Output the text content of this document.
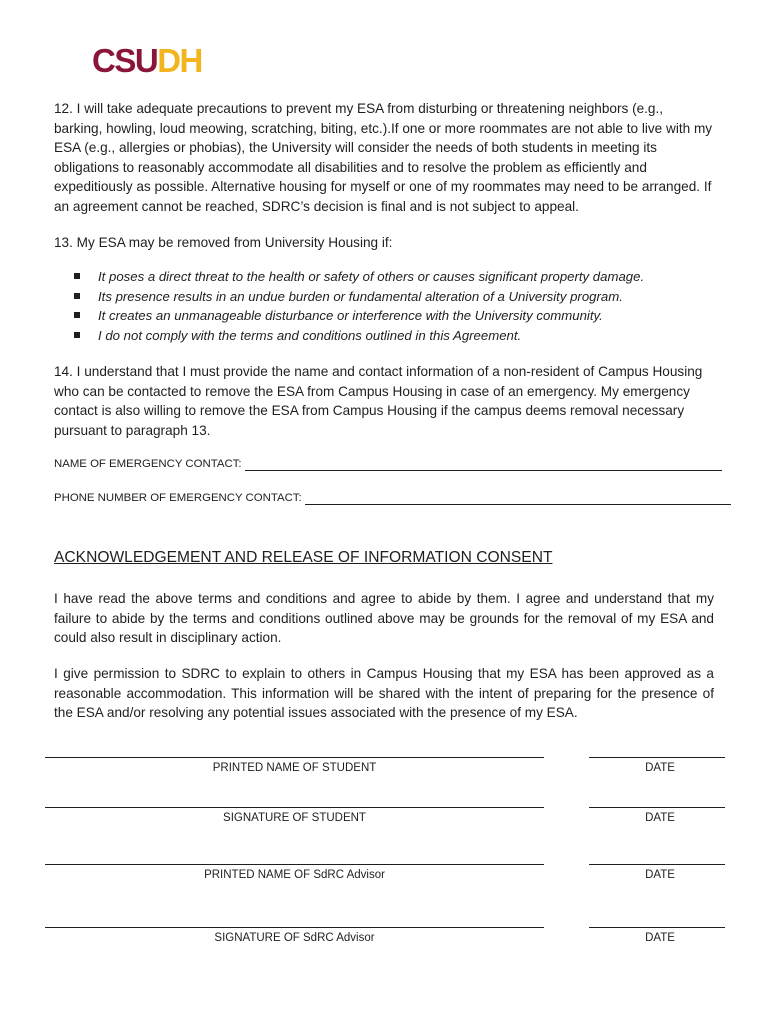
CSUDH

12. I will take adequate precautions to prevent my ESA from disturbing or threatening neighbors (e.g., barking, howling, loud meowing, scratching, biting, etc.).If one or more roommates are not able to live with my ESA (e.g., allergies or phobias), the University will consider the needs of both students in meeting its obligations to reasonably accommodate all disabilities and to resolve the problem as efficiently and expeditiously as possible. Alternative housing for myself or one of my roommates may need to be arranged. If an agreement cannot be reached, SDRC’s decision is final and is not subject to appeal.

13. My ESA may be removed from University Housing if:

It poses a direct threat to the health or safety of others or causes significant property damage.
Its presence results in an undue burden or fundamental alteration of a University program.
It creates an unmanageable disturbance or interference with the University community.
I do not comply with the terms and conditions outlined in this Agreement.

14. I understand that I must provide the name and contact information of a non-resident of Campus Housing who can be contacted to remove the ESA from Campus Housing in case of an emergency. My emergency contact is also willing to remove the ESA from Campus Housing if the campus deems removal necessary pursuant to paragraph 13.

NAME OF EMERGENCY CONTACT:
PHONE NUMBER OF EMERGENCY CONTACT:
ACKNOWLEDGEMENT AND RELEASE OF INFORMATION CONSENT

I have read the above terms and conditions and agree to abide by them. I agree and understand that my failure to abide by the terms and conditions outlined above may be grounds for the removal of my ESA and could also result in disciplinary action.

I give permission to SDRC to explain to others in Campus Housing that my ESA has been approved as a reasonable accommodation. This information will be shared with the intent of preparing for the presence of the ESA and/or resolving any potential issues associated with the presence of my ESA.

PRINTED NAME OF STUDENT	DATE
SIGNATURE OF STUDENT	DATE
PRINTED NAME OF SdRC Advisor	DATE
SIGNATURE OF SdRC Advisor	DATE
